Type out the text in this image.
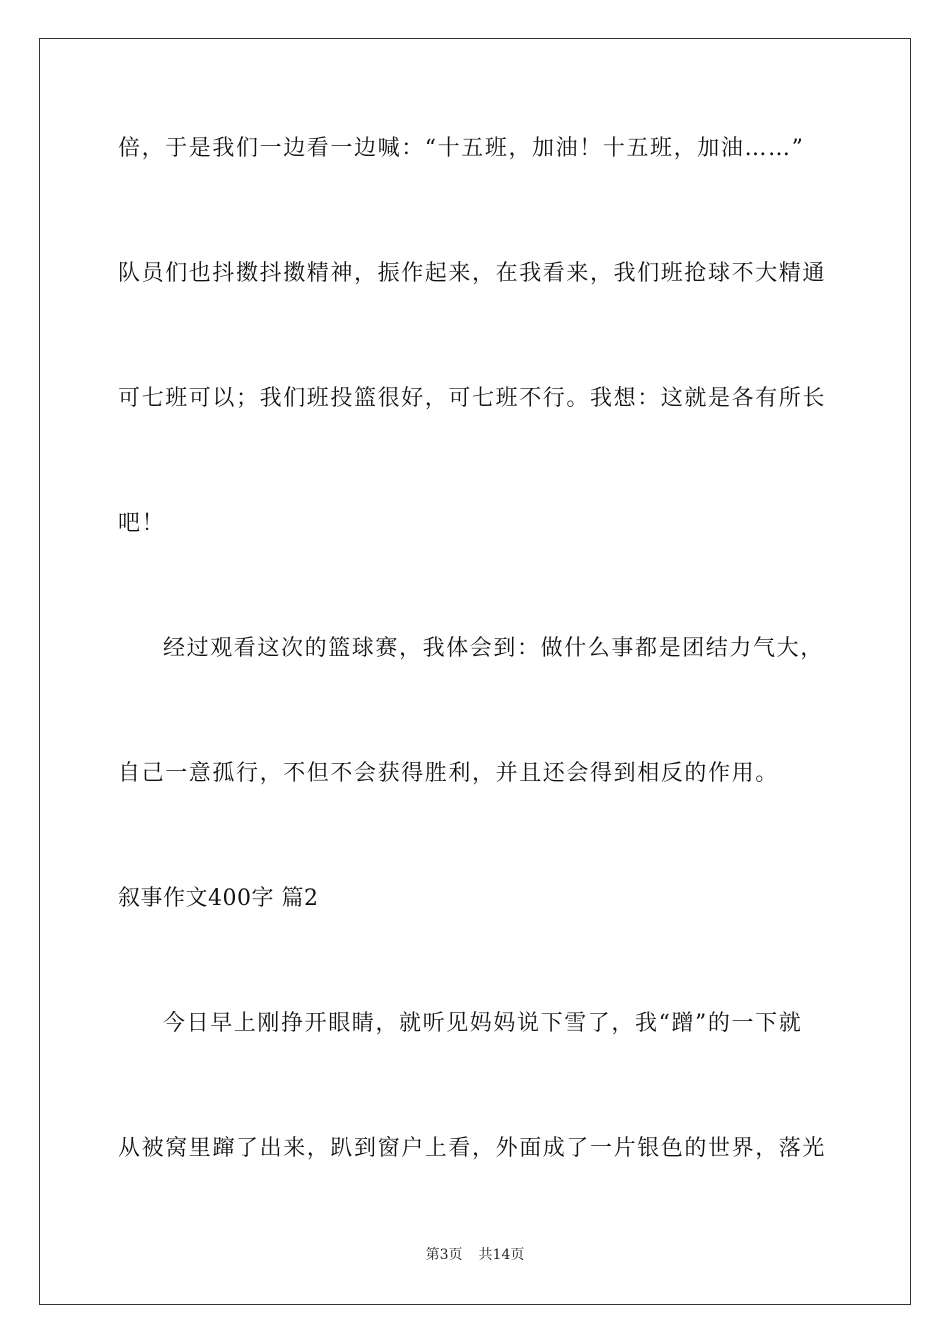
倍，于是我们一边看一边喊：“十五班，加油！十五班，加油……”
队员们也抖擞抖擞精神，振作起来，在我看来，我们班抢球不大精通
可七班可以；我们班投篮很好，可七班不行。我想：这就是各有所长
吧！
经过观看这次的篮球赛，我体会到：做什么事都是团结力气大，
自己一意孤行，不但不会获得胜利，并且还会得到相反的作用。
叙事作文400字 篇2
今日早上刚挣开眼睛，就听见妈妈说下雪了，我“蹭”的一下就
从被窝里蹿了出来，趴到窗户上看，外面成了一片银色的世界，落光
第3页 共14页
